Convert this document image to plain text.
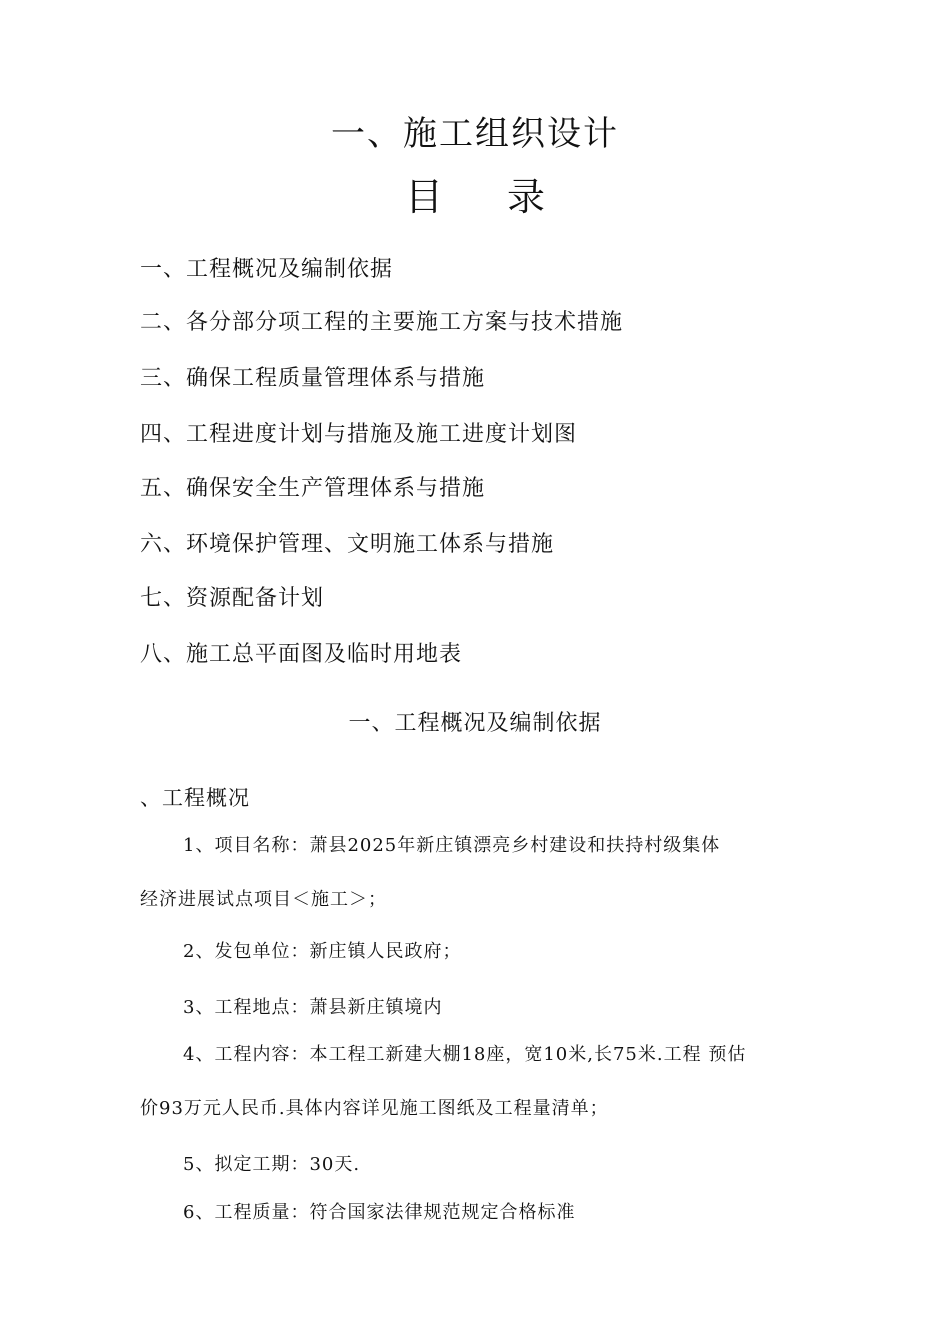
一、施工组织设计
目 录
一、工程概况及编制依据
二、各分部分项工程的主要施工方案与技术措施
三、确保工程质量管理体系与措施
四、工程进度计划与措施及施工进度计划图
五、确保安全生产管理体系与措施
六、环境保护管理、文明施工体系与措施
七、资源配备计划
八、施工总平面图及临时用地表
一、工程概况及编制依据
、工程概况
1、项目名称：萧县2025年新庄镇漂亮乡村建设和扶持村级集体
经济进展试点项目＜施工＞；
2、发包单位：新庄镇人民政府；
3、工程地点：萧县新庄镇境内
4、工程内容：本工程工新建大棚18座，宽10米,长75米.工程 预估
价93万元人民币.具体内容详见施工图纸及工程量清单；
5、拟定工期：30天.
6、工程质量：符合国家法律规范规定合格标准
